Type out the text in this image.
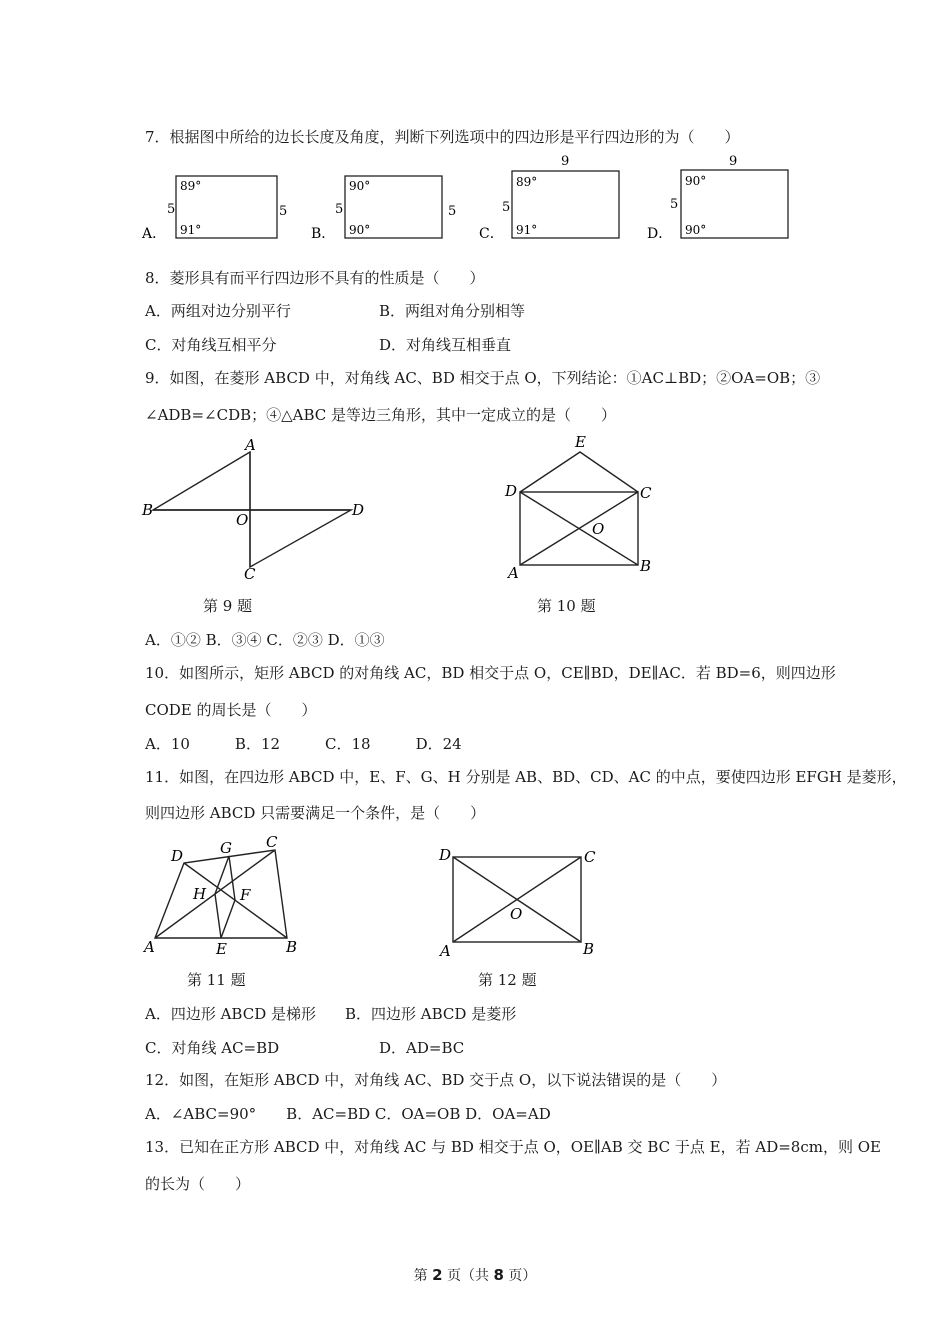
7．根据图中所给的边长长度及角度，判断下列选项中的四边形是平行四边形的为（　　）
A．
89°
91°
5	5
B．
90°
90°
5	5
C．
9
89°
91°
5
D．
9
90°
90°
5
8．菱形具有而平行四边形不具有的性质是（　　）
A．两组对边分别平行	B．两组对角分别相等
C．对角线互相平分	D．对角线互相垂直
9．如图，在菱形 ABCD 中，对角线 AC、BD 相交于点 O，下列结论：①AC⊥BD；②OA=OB；③
∠ADB=∠CDB；④△ABC 是等边三角形，其中一定成立的是（　　）
A
B
C
D
O
E
D	C
O
A	B
第 9 题	第 10 题
A．①② B．③④ C．②③ D．①③
10．如图所示，矩形 ABCD 的对角线 AC，BD 相交于点 O，CE∥BD，DE∥AC．若 BD=6，则四边形
CODE 的周长是（　　）
A．10　　　B．12　　　C．18　　　D．24
11．如图，在四边形 ABCD 中，E、F、G、H 分别是 AB、BD、CD、AC 的中点，要使四边形 EFGH 是菱形，
则四边形 ABCD 只需要满足一个条件，是（　　）
D G C
H F
A	E	B
D	C
O
A	B
第 11 题	第 12 题
A．四边形 ABCD 是梯形 B．四边形 ABCD 是菱形
C．对角线 AC=BD	D．AD=BC
12．如图，在矩形 ABCD 中，对角线 AC、BD 交于点 O，以下说法错误的是（　　）
A．∠ABC=90°　　B．AC=BD C．OA=OB D．OA=AD
13．已知在正方形 ABCD 中，对角线 AC 与 BD 相交于点 O，OE∥AB 交 BC 于点 E，若 AD=8cm，则 OE
的长为（　　）
第 2 页（共 8 页）
